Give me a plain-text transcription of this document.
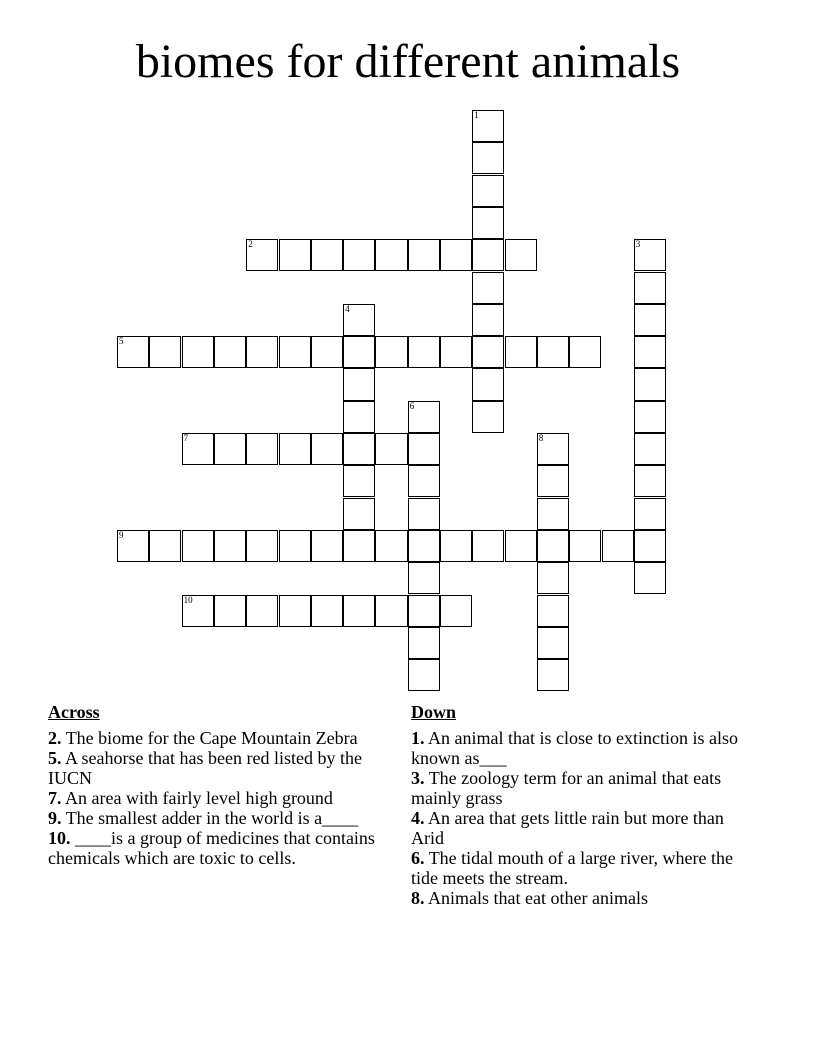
biomes for different animals
1
2	3
4
5
6
7	8
9
10
Across
2. The biome for the Cape Mountain Zebra
5. A seahorse that has been red listed by the IUCN
7. An area with fairly level high ground
9. The smallest adder in the world is a____
10. ____is a group of medicines that contains chemicals which are toxic to cells.
Down
1. An animal that is close to extinction is also known as___
3. The zoology term for an animal that eats mainly grass
4. An area that gets little rain but more than Arid
6. The tidal mouth of a large river, where the tide meets the stream.
8. Animals that eat other animals
